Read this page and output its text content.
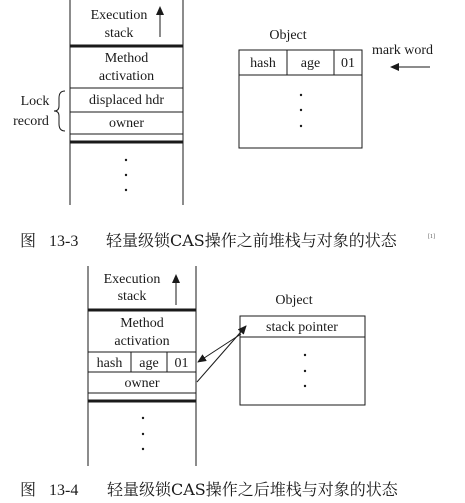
Execution
stack
Method
activation
displaced hdr
owner
Lock
record
Object
hash age 01
mark word
图 13-3 轻量级锁CAS操作之前堆栈与对象的状态	[1]
Execution
stack
Method
activation
hash age 01
owner
Object
stack pointer
图 13-4 轻量级锁CAS操作之后堆栈与对象的状态
